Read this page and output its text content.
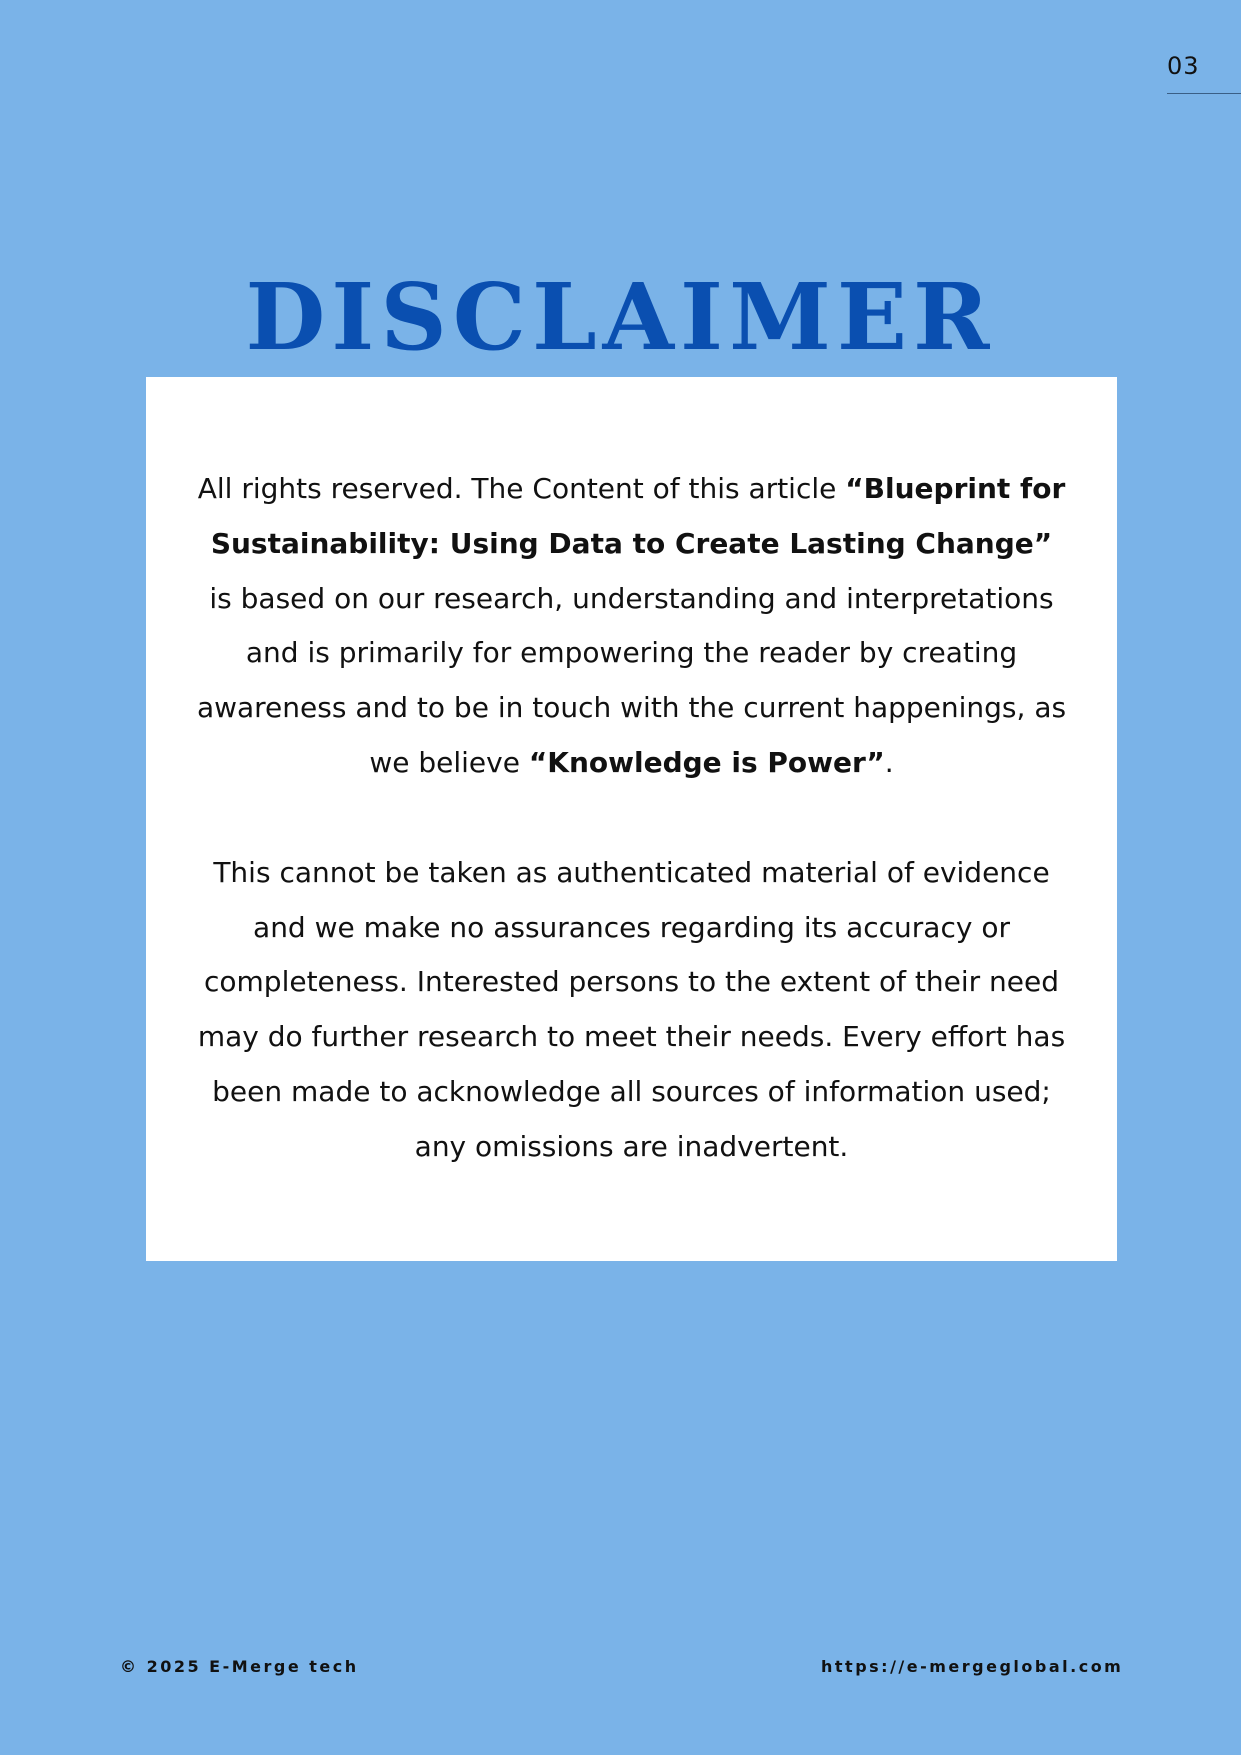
03
DISCLAIMER

All rights reserved. The Content of this article “Blueprint for Sustainability: Using Data to Create Lasting Change” is based on our research, understanding and interpretations and is primarily for empowering the reader by creating awareness and to be in touch with the current happenings, as we believe “Knowledge is Power”.

This cannot be taken as authenticated material of evidence and we make no assurances regarding its accuracy or completeness. Interested persons to the extent of their need may do further research to meet their needs. Every effort has been made to acknowledge all sources of information used; any omissions are inadvertent.

© 2025 E-Merge tech	https://e-mergeglobal.com
